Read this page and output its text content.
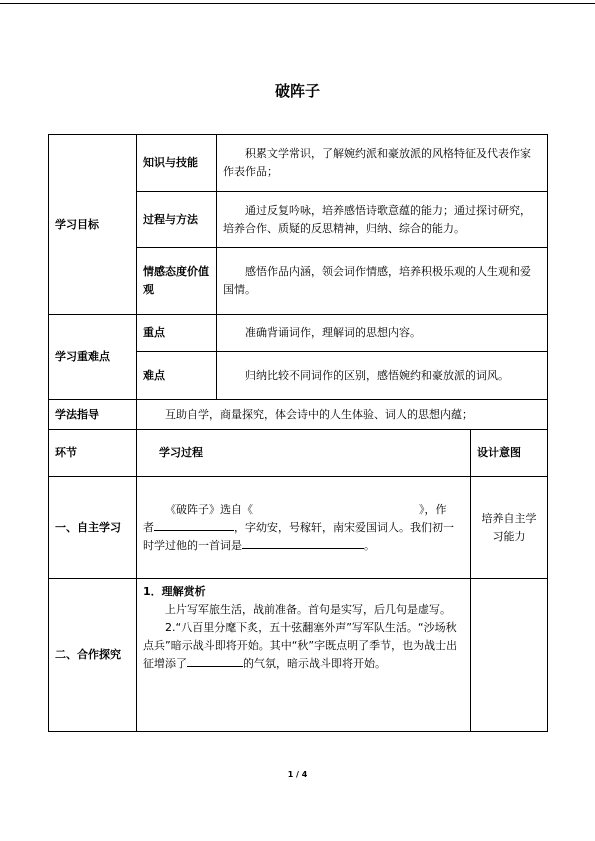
破阵子
学习目标	知识与技能	积累文学常识，了解婉约派和豪放派的风格特征及代表作家作表作品；	
	过程与方法	通过反复吟咏，培养感悟诗歌意蕴的能力；通过探讨研究，培养合作、质疑的反思精神，归纳、综合的能力。	
	情感态度价值观	感悟作品内涵，领会词作情感，培养积极乐观的人生观和爱国情。	
学习重难点	重点	准确背诵词作，理解词的思想内容。	
	难点	归纳比较不同词作的区别，感悟婉约和豪放派的词风。	
学法指导	互助自学，商量探究，体会诗中的人生体验、词人的思想内蕴；		
环节	学习过程		设计意图
一、自主学习	《破阵子》选自《 》，作
者 ，字幼安，号稼轩，南宋爱国词人。我们初一时学过他的一首词是 。		培养自主学习能力
二、合作探究	1．理解赏析
上片写军旅生活，战前准备。首句是实写，后几句是虚写。
2.“八百里分麾下炙，五十弦翻塞外声”写军队生活。“沙场秋点兵”暗示战斗即将开始。其中“秋”字既点明了季节，也为战士出征增添了 的气氛，暗示战斗即将开始。		

1 / 4
